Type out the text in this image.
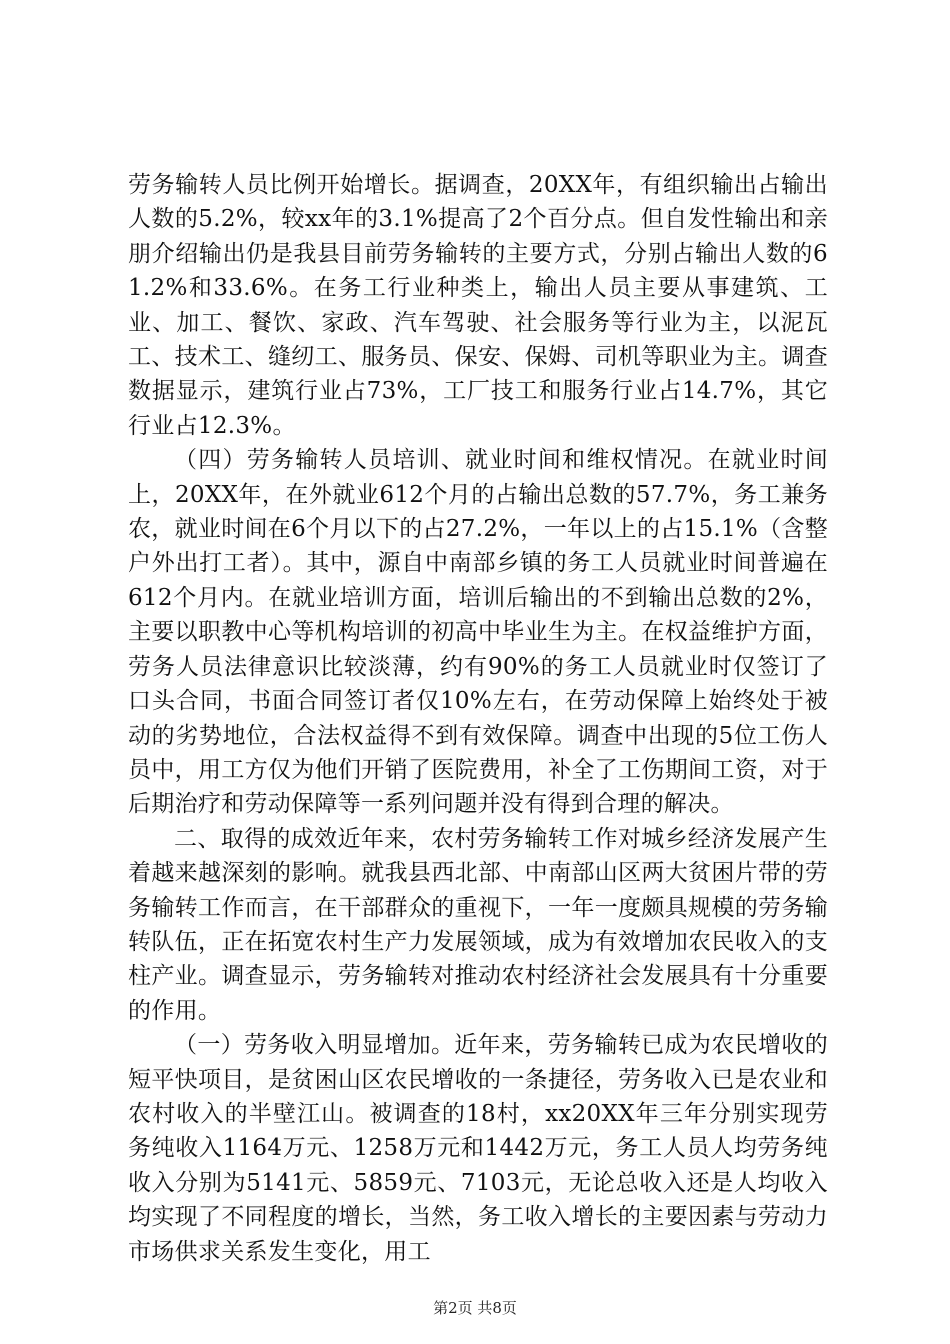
劳务输转人员比例开始增长。据调查，20XX年，有组织输出占输出人数的5.2%，较xx年的3.1%提高了2个百分点。但自发性输出和亲朋介绍输出仍是我县目前劳务输转的主要方式，分别占输出人数的61.2%和33.6%。在务工行业种类上，输出人员主要从事建筑、工业、加工、餐饮、家政、汽车驾驶、社会服务等行业为主，以泥瓦工、技术工、缝纫工、服务员、保安、保姆、司机等职业为主。调查数据显示，建筑行业占73%，工厂技工和服务行业占14.7%，其它行业占12.3%。

（四）劳务输转人员培训、就业时间和维权情况。在就业时间上，20XX年，在外就业612个月的占输出总数的57.7%，务工兼务农，就业时间在6个月以下的占27.2%，一年以上的占15.1%（含整户外出打工者）。其中，源自中南部乡镇的务工人员就业时间普遍在612个月内。在就业培训方面，培训后输出的不到输出总数的2%，主要以职教中心等机构培训的初高中毕业生为主。在权益维护方面，劳务人员法律意识比较淡薄，约有90%的务工人员就业时仅签订了口头合同，书面合同签订者仅10%左右，在劳动保障上始终处于被动的劣势地位，合法权益得不到有效保障。调查中出现的5位工伤人员中，用工方仅为他们开销了医院费用，补全了工伤期间工资，对于后期治疗和劳动保障等一系列问题并没有得到合理的解决。

二、取得的成效近年来，农村劳务输转工作对城乡经济发展产生着越来越深刻的影响。就我县西北部、中南部山区两大贫困片带的劳务输转工作而言，在干部群众的重视下，一年一度颇具规模的劳务输转队伍，正在拓宽农村生产力发展领域，成为有效增加农民收入的支柱产业。调查显示，劳务输转对推动农村经济社会发展具有十分重要的作用。

（一）劳务收入明显增加。近年来，劳务输转已成为农民增收的短平快项目，是贫困山区农民增收的一条捷径，劳务收入已是农业和农村收入的半壁江山。被调查的18村，xx20XX年三年分别实现劳务纯收入1164万元、1258万元和1442万元，务工人员人均劳务纯收入分别为5141元、5859元、7103元，无论总收入还是人均收入均实现了不同程度的增长，当然，务工收入增长的主要因素与劳动力市场供求关系发生变化，用工

第2页 共8页
